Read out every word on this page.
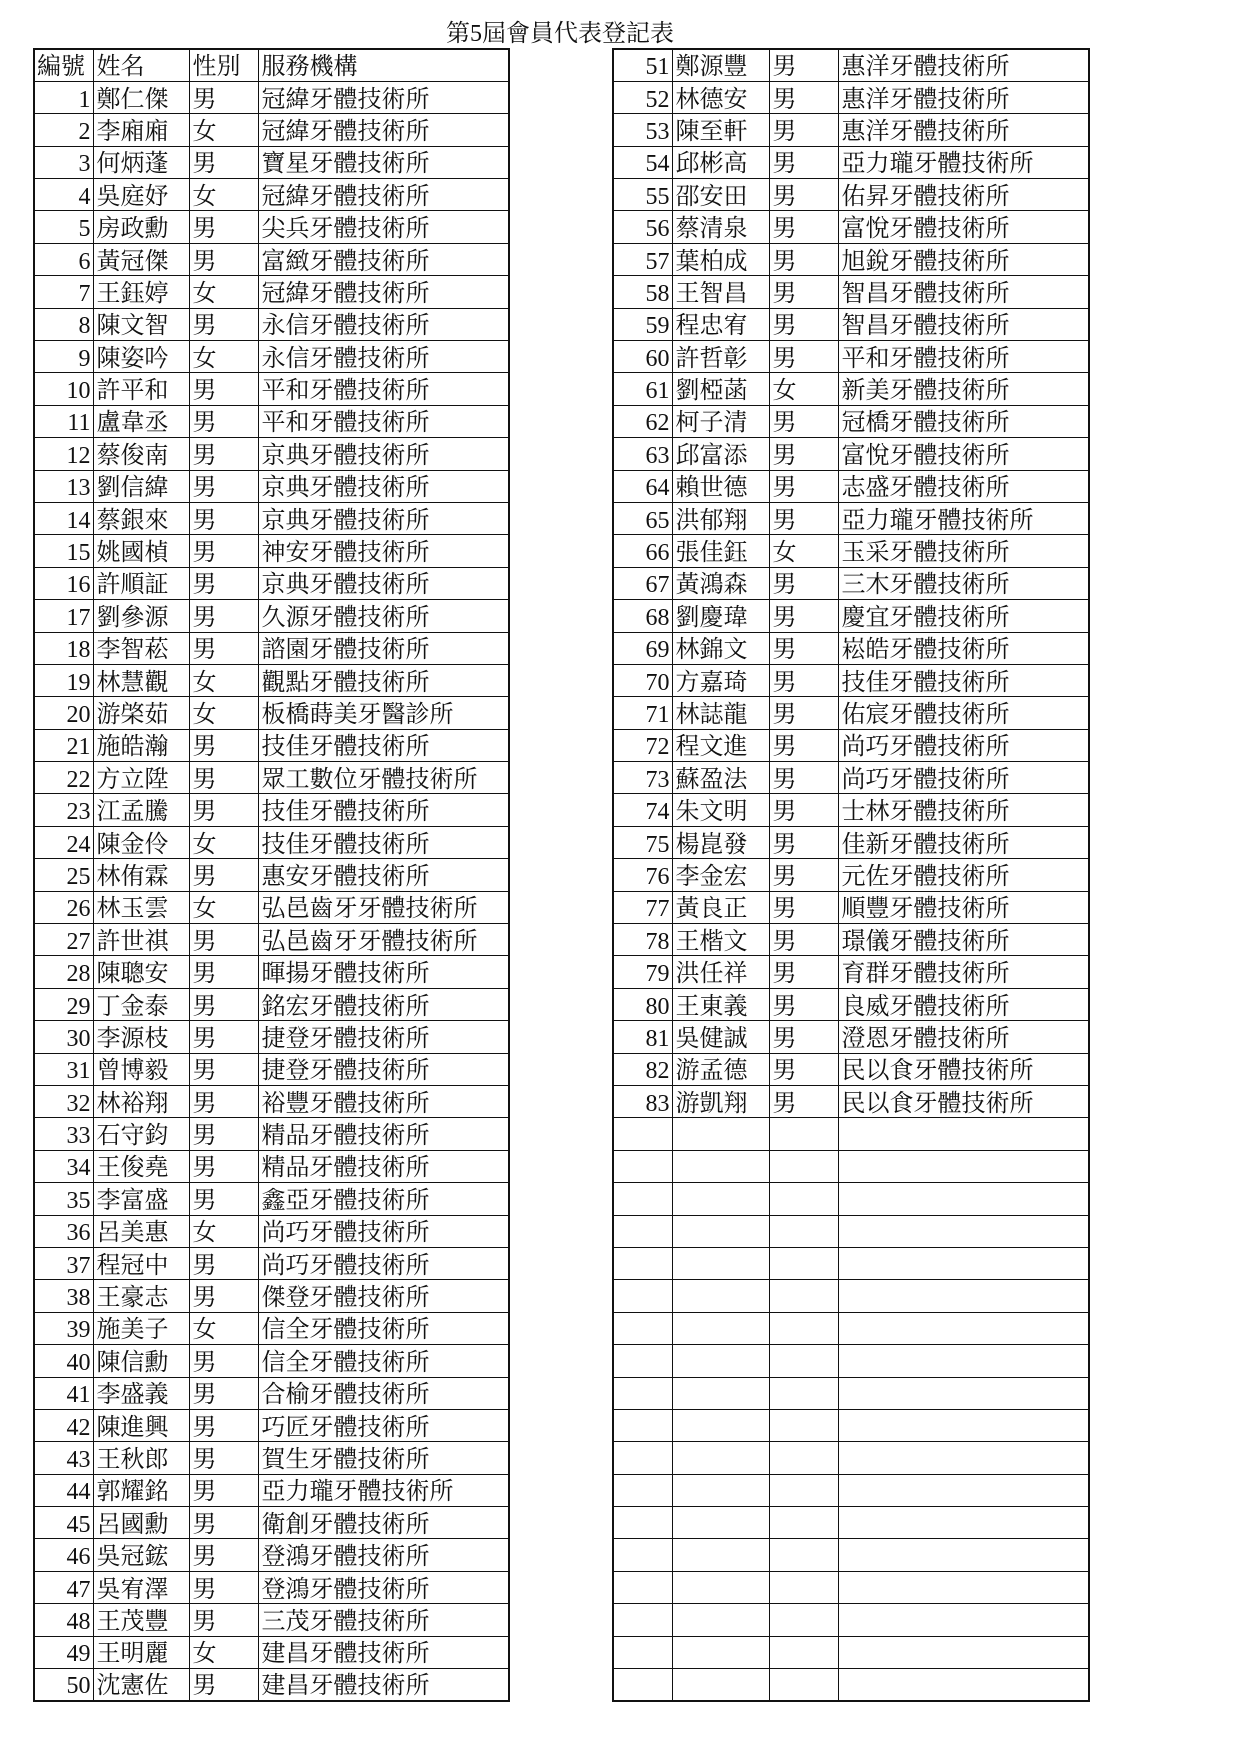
第5屆會員代表登記表
編號	姓名	性別	服務機構
1	鄭仁傑	男	冠緯牙體技術所
2	李廂廂	女	冠緯牙體技術所
3	何炳蓬	男	寶星牙體技術所
4	吳庭妤	女	冠緯牙體技術所
5	房政勳	男	尖兵牙體技術所
6	黃冠傑	男	富緻牙體技術所
7	王鈺婷	女	冠緯牙體技術所
8	陳文智	男	永信牙體技術所
9	陳姿吟	女	永信牙體技術所
10	許平和	男	平和牙體技術所
11	盧韋丞	男	平和牙體技術所
12	蔡俊南	男	京典牙體技術所
13	劉信緯	男	京典牙體技術所
14	蔡銀來	男	京典牙體技術所
15	姚國楨	男	神安牙體技術所
16	許順証	男	京典牙體技術所
17	劉參源	男	久源牙體技術所
18	李智菘	男	諮園牙體技術所
19	林慧觀	女	觀點牙體技術所
20	游棨茹	女	板橋蒔美牙醫診所
21	施皓瀚	男	技佳牙體技術所
22	方立陞	男	眾工數位牙體技術所
23	江孟騰	男	技佳牙體技術所
24	陳金伶	女	技佳牙體技術所
25	林侑霖	男	惠安牙體技術所
26	林玉雲	女	弘邑齒牙牙體技術所
27	許世祺	男	弘邑齒牙牙體技術所
28	陳聰安	男	暉揚牙體技術所
29	丁金泰	男	銘宏牙體技術所
30	李源枝	男	捷登牙體技術所
31	曾博毅	男	捷登牙體技術所
32	林裕翔	男	裕豐牙體技術所
33	石守鈞	男	精品牙體技術所
34	王俊堯	男	精品牙體技術所
35	李富盛	男	鑫亞牙體技術所
36	呂美惠	女	尚巧牙體技術所
37	程冠中	男	尚巧牙體技術所
38	王豪志	男	傑登牙體技術所
39	施美子	女	信全牙體技術所
40	陳信勳	男	信全牙體技術所
41	李盛義	男	合榆牙體技術所
42	陳進興	男	巧匠牙體技術所
43	王秋郎	男	賀生牙體技術所
44	郭耀銘	男	亞力瓏牙體技術所
45	呂國勳	男	衛創牙體技術所
46	吳冠鋐	男	登鴻牙體技術所
47	吳宥澤	男	登鴻牙體技術所
48	王茂豐	男	三茂牙體技術所
49	王明麗	女	建昌牙體技術所
50	沈憲佐	男	建昌牙體技術所
51	鄭源豐	男	惠洋牙體技術所
52	林德安	男	惠洋牙體技術所
53	陳至軒	男	惠洋牙體技術所
54	邱彬高	男	亞力瓏牙體技術所
55	邵安田	男	佑昇牙體技術所
56	蔡清泉	男	富悅牙體技術所
57	葉柏成	男	旭銳牙體技術所
58	王智昌	男	智昌牙體技術所
59	程忠宥	男	智昌牙體技術所
60	許哲彰	男	平和牙體技術所
61	劉椏菡	女	新美牙體技術所
62	柯子清	男	冠橋牙體技術所
63	邱富添	男	富悅牙體技術所
64	賴世德	男	志盛牙體技術所
65	洪郁翔	男	亞力瓏牙體技術所
66	張佳鈺	女	玉采牙體技術所
67	黃鴻森	男	三木牙體技術所
68	劉慶瑋	男	慶宜牙體技術所
69	林錦文	男	崧皓牙體技術所
70	方嘉琦	男	技佳牙體技術所
71	林誌龍	男	佑宸牙體技術所
72	程文進	男	尚巧牙體技術所
73	蘇盈法	男	尚巧牙體技術所
74	朱文明	男	士林牙體技術所
75	楊崑發	男	佳新牙體技術所
76	李金宏	男	元佐牙體技術所
77	黃良正	男	順豐牙體技術所
78	王楷文	男	璟儀牙體技術所
79	洪任祥	男	育群牙體技術所
80	王東義	男	良威牙體技術所
81	吳健誠	男	澄恩牙體技術所
82	游孟德	男	民以食牙體技術所
83	游凱翔	男	民以食牙體技術所
